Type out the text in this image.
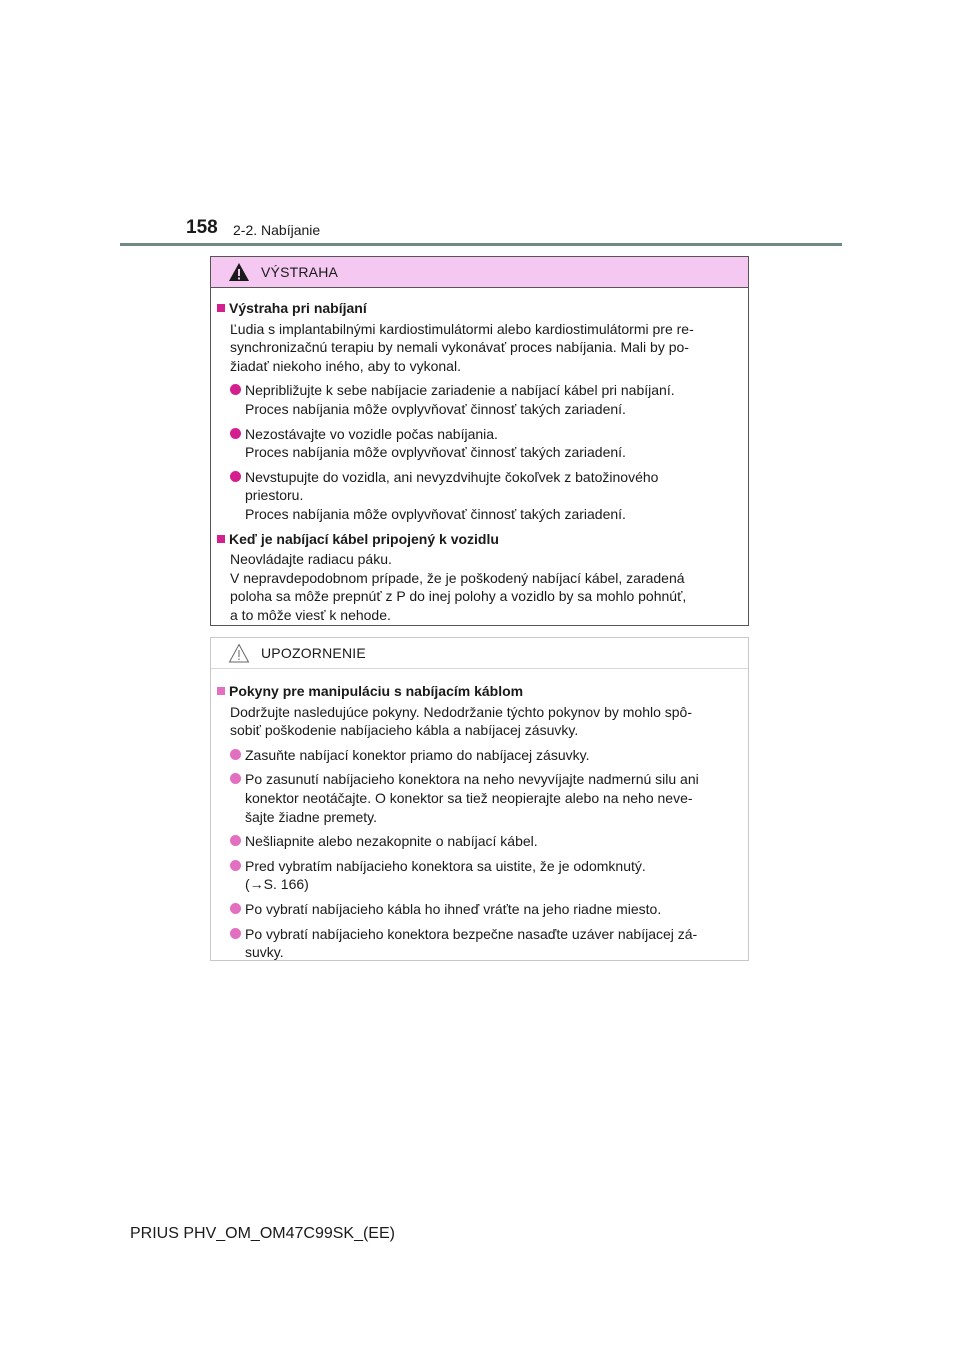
158 2-2. Nabíjanie
VÝSTRAHA
Výstraha pri nabíjaní
Ľudia s implantabilnými kardiostimulátormi alebo kardiostimulátormi pre re-
synchronizačnú terapiu by nemali vykonávať proces nabíjania. Mali by po-
žiadať niekoho iného, aby to vykonal.
Nepribližujte k sebe nabíjacie zariadenie a nabíjací kábel pri nabíjaní.
Proces nabíjania môže ovplyvňovať činnosť takých zariadení.
Nezostávajte vo vozidle počas nabíjania.
Proces nabíjania môže ovplyvňovať činnosť takých zariadení.
Nevstupujte do vozidla, ani nevyzdvihujte čokoľvek z batožinového
priestoru.
Proces nabíjania môže ovplyvňovať činnosť takých zariadení.
Keď je nabíjací kábel pripojený k vozidlu
Neovládajte radiacu páku.
V nepravdepodobnom prípade, že je poškodený nabíjací kábel, zaradená
poloha sa môže prepnúť z P do inej polohy a vozidlo by sa mohlo pohnúť,
a to môže viesť k nehode.
UPOZORNENIE
Pokyny pre manipuláciu s nabíjacím káblom
Dodržujte nasledujúce pokyny. Nedodržanie týchto pokynov by mohlo spô-
sobiť poškodenie nabíjacieho kábla a nabíjacej zásuvky.
Zasuňte nabíjací konektor priamo do nabíjacej zásuvky.
Po zasunutí nabíjacieho konektora na neho nevyvíjajte nadmernú silu ani
konektor neotáčajte. O konektor sa tiež neopierajte alebo na neho neve-
šajte žiadne premety.
Nešliapnite alebo nezakopnite o nabíjací kábel.
Pred vybratím nabíjacieho konektora sa uistite, že je odomknutý.
(→S. 166)
Po vybratí nabíjacieho kábla ho ihneď vráťte na jeho riadne miesto.
Po vybratí nabíjacieho konektora bezpečne nasaďte uzáver nabíjacej zá-
suvky.
PRIUS PHV_OM_OM47C99SK_(EE)
